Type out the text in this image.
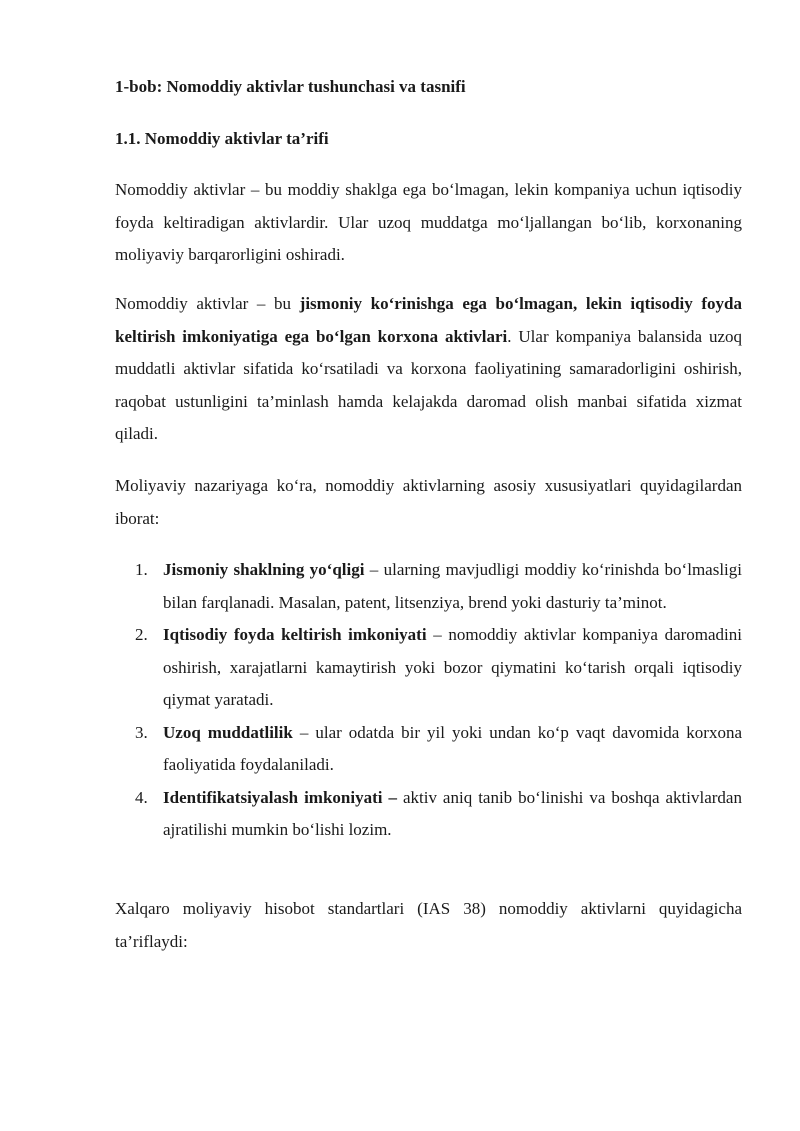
1-bob: Nomoddiy aktivlar tushunchasi va tasnifi
1.1. Nomoddiy aktivlar ta’rifi

Nomoddiy aktivlar – bu moddiy shaklga ega bo‘lmagan, lekin kompaniya uchun iqtisodiy foyda keltiradigan aktivlardir. Ular uzoq muddatga mo‘ljallangan bo‘lib, korxonaning moliyaviy barqarorligini oshiradi.

Nomoddiy aktivlar – bu jismoniy ko‘rinishga ega bo‘lmagan, lekin iqtisodiy foyda keltirish imkoniyatiga ega bo‘lgan korxona aktivlari. Ular kompaniya balansida uzoq muddatli aktivlar sifatida ko‘rsatiladi va korxona faoliyatining samaradorligini oshirish, raqobat ustunligini ta’minlash hamda kelajakda daromad olish manbai sifatida xizmat qiladi.

Moliyaviy nazariyaga ko‘ra, nomoddiy aktivlarning asosiy xususiyatlari quyidagilardan iborat:

1. Jismoniy shaklning yo‘qligi – ularning mavjudligi moddiy ko‘rinishda bo‘lmasligi bilan farqlanadi. Masalan, patent, litsenziya, brend yoki dasturiy ta’minot.
2. Iqtisodiy foyda keltirish imkoniyati – nomoddiy aktivlar kompaniya daromadini oshirish, xarajatlarni kamaytirish yoki bozor qiymatini ko‘tarish orqali iqtisodiy qiymat yaratadi.
3. Uzoq muddatlilik – ular odatda bir yil yoki undan ko‘p vaqt davomida korxona faoliyatida foydalaniladi.
4. Identifikatsiyalash imkoniyati – aktiv aniq tanib bo‘linishi va boshqa aktivlardan ajratilishi mumkin bo‘lishi lozim.

Xalqaro moliyaviy hisobot standartlari (IAS 38) nomoddiy aktivlarni quyidagicha ta’riflaydi:
